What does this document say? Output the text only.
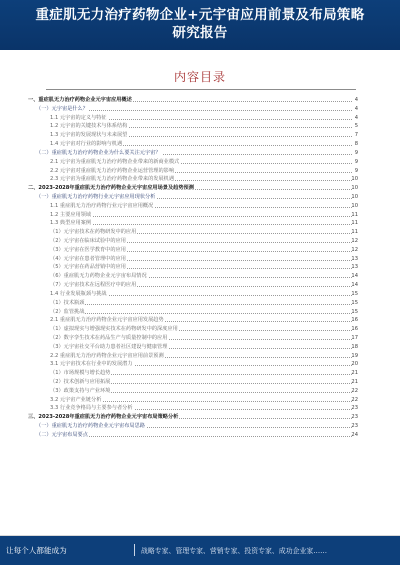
重症肌无力治疗药物企业+元宇宙应用前景及布局策略研究报告
内容目录
一、重症肌无力治疗药物企业元宇宙应用概述	4
（一）元宇宙是什么？	4
1.1 元宇宙的定义与特征	4
1.2 元宇宙的关键技术与体系结构	5
1.3 元宇宙的发展现状与未来展望	7
1.4 元宇宙对行业的影响与机遇	8
（二）重症肌无力治疗药物企业为什么要关注元宇宙？	9
2.1 元宇宙为重症肌无力治疗药物企业带来的新商业模式	9
2.2 元宇宙对重症肌无力治疗药物企业运营管理的影响	9
2.3 元宇宙为重症肌无力治疗药物企业带来的发展机遇	10
二、2023-2028年重症肌无力治疗药物企业元宇宙应用场景及趋势预测	10
（一）重症肌无力治疗药物行业元宇宙应用现状分析	10
1.1 重症肌无力治疗药物行业元宇宙应用概况	10
1.2 主要应用领域	11
1.3 典型应用案例	11
（1）元宇宙技术在药物研发中的应用	11
（2）元宇宙在临床试验中的应用	12
（3）元宇宙在医学教育中的应用	12
（4）元宇宙在患者管理中的应用	13
（5）元宇宙在药品营销中的应用	13
（6）重症肌无力药物企业元宇宙布局情况	14
（7）元宇宙技术在远程医疗中的应用	14
1.4 行业发展瓶颈与挑战	15
（1）技术瓶颈	15
（2）监管挑战	15
2.1 重症肌无力治疗药物企业元宇宙应用发展趋势	16
（1）虚拟现实与增强现实技术在药物研发中的深度应用	16
（2）数字孪生技术在药品生产与质量控制中的应用	17
（3）元宇宙社交平台助力患者社区建设与健康管理	18
2.2 重症肌无力治疗药物企业元宇宙应用前景预测	19
3.1 元宇宙技术在行业中的发展潜力	20
（1）市场规模与增长趋势	21
（2）技术创新与应用拓展	21
（3）政策支持与产业环境	22
3.2 元宇宙产业链分析	22
3.3 行业竞争格局与主要参与者分析	23
三、2023-2028年重症肌无力治疗药物企业元宇宙布局策略分析	23
（一）重症肌无力治疗药物企业元宇宙布局思路	23
（二）元宇宙布局要点	24
让每个人都能成为	战略专家、管理专家、营销专家、投资专家、成功企业家……
